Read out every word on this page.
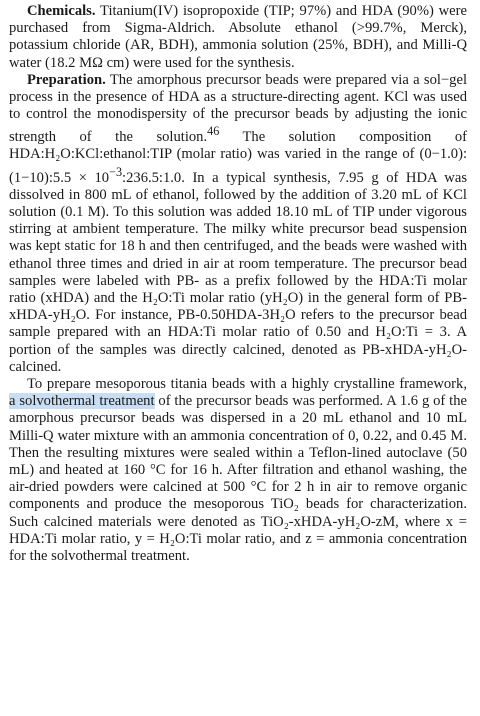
Chemicals. Titanium(IV) isopropoxide (TIP; 97%) and HDA (90%) were purchased from Sigma-Aldrich. Absolute ethanol (>99.7%, Merck), potassium chloride (AR, BDH), ammonia solution (25%, BDH), and Milli-Q water (18.2 MΩ cm) were used for the synthesis.

Preparation. The amorphous precursor beads were prepared via a sol−gel process in the presence of HDA as a structure-directing agent. KCl was used to control the monodispersity of the precursor beads by adjusting the ionic strength of the solution.$^{46}$ The solution composition of HDA:H₂O:KCl:ethanol:TIP (molar ratio) was varied in the range of (0−1.0):(1−10):5.5 × $10^{-3}:236.5:1.0$. In a typical synthesis, 7.95 g of HDA was dissolved in 800 mL of ethanol, followed by the addition of 3.20 mL of KCl solution (0.1 M). To this solution was added 18.10 mL of TIP under vigorous stirring at ambient temperature. The milky white precursor bead suspension was kept static for 18 h and then centrifuged, and the beads were washed with ethanol three times and dried in air at room temperature. The precursor bead samples were labeled with PB- as a prefix followed by the HDA:Ti molar ratio (xHDA) and the H₂O:Ti molar ratio (yH₂O) in the general form of PB-xHDA-yH₂O. For instance, PB-0.50HDA-3H₂O refers to the precursor bead sample prepared with an HDA:Ti molar ratio of 0.50 and H₂O:Ti = 3. A portion of the samples was directly calcined, denoted as PB-xHDA-yH₂O-calcined.

To prepare mesoporous titania beads with a highly crystalline framework, a solvothermal treatment of the precursor beads was performed. A 1.6 g of the amorphous precursor beads was dispersed in a 20 mL ethanol and 10 mL Milli-Q water mixture with an ammonia concentration of 0, 0.22, and 0.45 M. Then the resulting mixtures were sealed within a Teflon-lined autoclave (50 mL) and heated at 160 °C for 16 h. After filtration and ethanol washing, the air-dried powders were calcined at 500 °C for 2 h in air to remove organic components and produce the mesoporous TiO₂ beads for characterization. Such calcined materials were denoted as TiO₂-xHDA-yH₂O-zM, where x = HDA:Ti molar ratio, y = H₂O:Ti molar ratio, and z = ammonia concentration for the solvothermal treatment.
